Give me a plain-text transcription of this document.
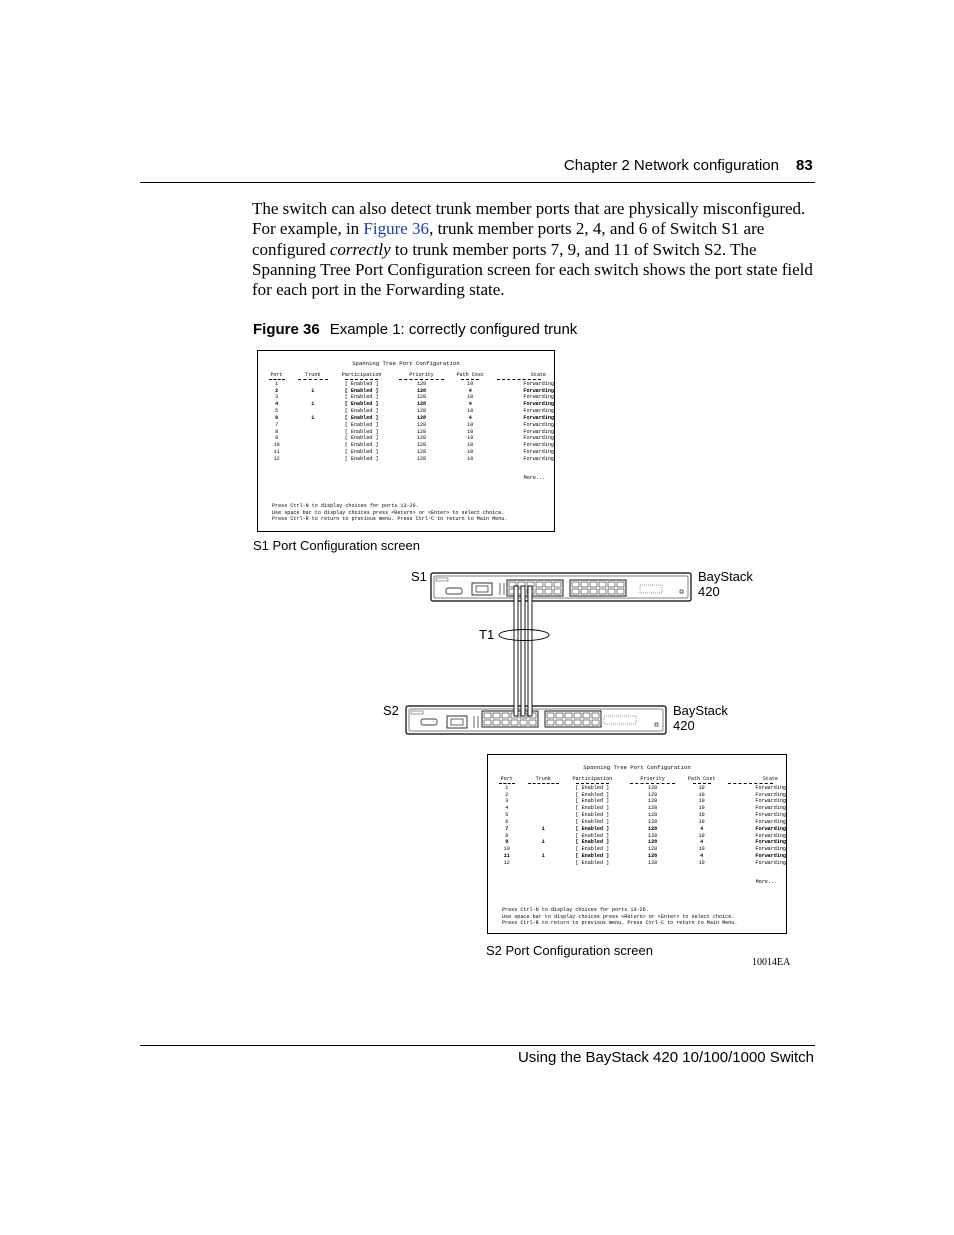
Chapter 2 Network configuration 83

The switch can also detect trunk member ports that are physically misconfigured. For example, in Figure 36, trunk member ports 2, 4, and 6 of Switch S1 are configured correctly to trunk member ports 7, 9, and 11 of Switch S2. The Spanning Tree Port Configuration screen for each switch shows the port state field for each port in the Forwarding state.

Figure 36 Example 1: correctly configured trunk
Spanning Tree Port Configuration
Port	Trunk	Participation	Priority	Path Cost	State
1		[ Enabled ]	128	10	Forwarding
2	1	[ Enabled ]	128	4	Forwarding
3		[ Enabled ]	128	10	Forwarding
4	1	[ Enabled ]	128	4	Forwarding
5		[ Enabled ]	128	10	Forwarding
6	1	[ Enabled ]	128	4	Forwarding
7		[ Enabled ]	128	10	Forwarding
8		[ Enabled ]	128	10	Forwarding
9		[ Enabled ]	128	10	Forwarding
10		[ Enabled ]	128	10	Forwarding
11		[ Enabled ]	128	10	Forwarding
12		[ Enabled ]	128	10	Forwarding
More...
Press Ctrl-N to display choices for ports 13-26.
Use space bar to display choices press <Return> or <Enter> to select choice.
Press Ctrl-R to return to previous menu. Press Ctrl-C to return to Main Menu.
S1 Port Configuration screen
S1	BayStack
420
T1
S2	BayStack
420
Spanning Tree Port Configuration
Port	Trunk	Participation	Priority	Path Cost	State
1		[ Enabled ]	128	10	Forwarding
2		[ Enabled ]	128	10	Forwarding
3		[ Enabled ]	128	10	Forwarding
4		[ Enabled ]	128	10	Forwarding
5		[ Enabled ]	128	10	Forwarding
6		[ Enabled ]	128	10	Forwarding
7	1	[ Enabled ]	128	4	Forwarding
8		[ Enabled ]	128	10	Forwarding
9	1	[ Enabled ]	128	4	Forwarding
10		[ Enabled ]	128	10	Forwarding
11	1	[ Enabled ]	128	4	Forwarding
12		[ Enabled ]	128	10	Forwarding
More...
Press Ctrl-N to display choices for ports 13-26.
Use space bar to display choices press <Return> or <Enter> to select choice.
Press Ctrl-R to return to previous menu. Press Ctrl-C to return to Main Menu.
S2 Port Configuration screen
10014EA
Using the BayStack 420 10/100/1000 Switch
